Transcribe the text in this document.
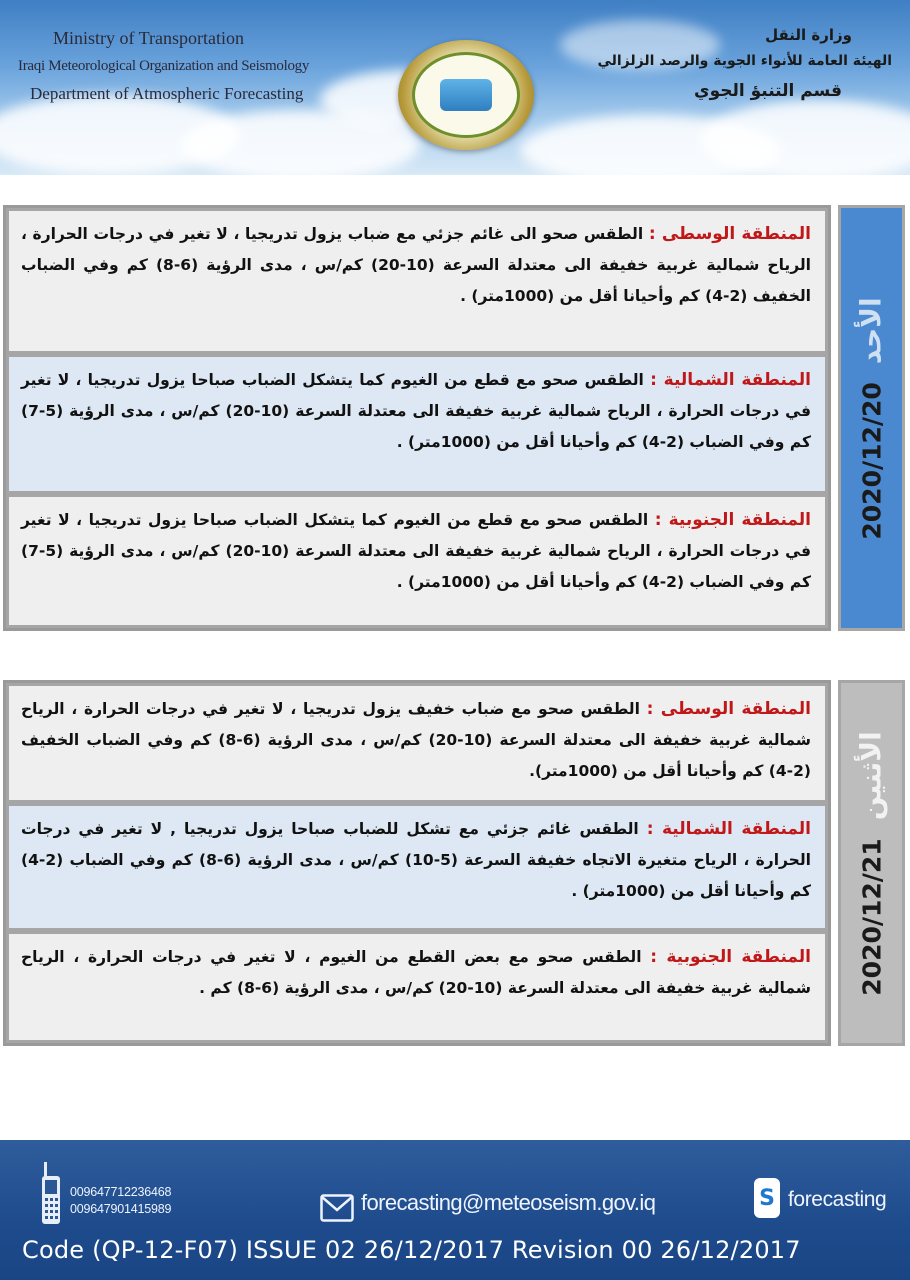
Ministry of Transportation
Iraqi Meteorological Organization and Seismology
Department of Atmospheric Forecasting
وزارة النقل
الهيئة العامة للأنواء الجوية والرصد الزلزالي
قسم التنبؤ الجوي
المنطقة الوسطى : الطقس صحو الى غائم جزئي مع ضباب يزول تدريجيا ، لا تغير في درجات الحرارة ، الرياح شمالية غربية خفيفة الى معتدلة السرعة (10-20) كم/س ، مدى الرؤية (6-8) كم وفي الضباب الخفيف (2-4) كم وأحيانا أقل من (1000متر) .
المنطقة الشمالية : الطقس صحو مع قطع من الغيوم كما يتشكل الضباب صباحا يزول تدريجيا ، لا تغير في درجات الحرارة ، الرياح شمالية غربية خفيفة الى معتدلة السرعة (10-20) كم/س ، مدى الرؤية (5-7) كم وفي الضباب (2-4) كم وأحيانا أقل من (1000متر) .
المنطقة الجنوبية : الطقس صحو مع قطع من الغيوم كما يتشكل الضباب صباحا يزول تدريجيا ، لا تغير في درجات الحرارة ، الرياح شمالية غربية خفيفة الى معتدلة السرعة (10-20) كم/س ، مدى الرؤية (5-7) كم وفي الضباب (2-4) كم وأحيانا أقل من (1000متر) .
الأحد2020/12/20
المنطقة الوسطى : الطقس صحو مع ضباب خفيف يزول تدريجيا ، لا تغير في درجات الحرارة ، الرياح شمالية غربية خفيفة الى معتدلة السرعة (10-20) كم/س ، مدى الرؤية (6-8) كم وفي الضباب الخفيف (2-4) كم وأحيانا أقل من (1000متر).
المنطقة الشمالية : الطقس غائم جزئي مع تشكل للضباب صباحا يزول تدريجيا , لا تغير في درجات الحرارة ، الرياح متغيرة الاتجاه خفيفة السرعة (5-10) كم/س ، مدى الرؤية (6-8) كم وفي الضباب (2-4) كم وأحيانا أقل من (1000متر) .
المنطقة الجنوبية : الطقس صحو مع بعض القطع من الغيوم ، لا تغير في درجات الحرارة ، الرياح شمالية غربية خفيفة الى معتدلة السرعة (10-20) كم/س ، مدى الرؤية (6-8) كم .
الأثنين2020/12/21
009647712236468
009647901415989	forecasting@meteoseism.gov.iq	S forecasting
Code (QP-12-F07) ISSUE 02 26/12/2017 Revision 00 26/12/2017
